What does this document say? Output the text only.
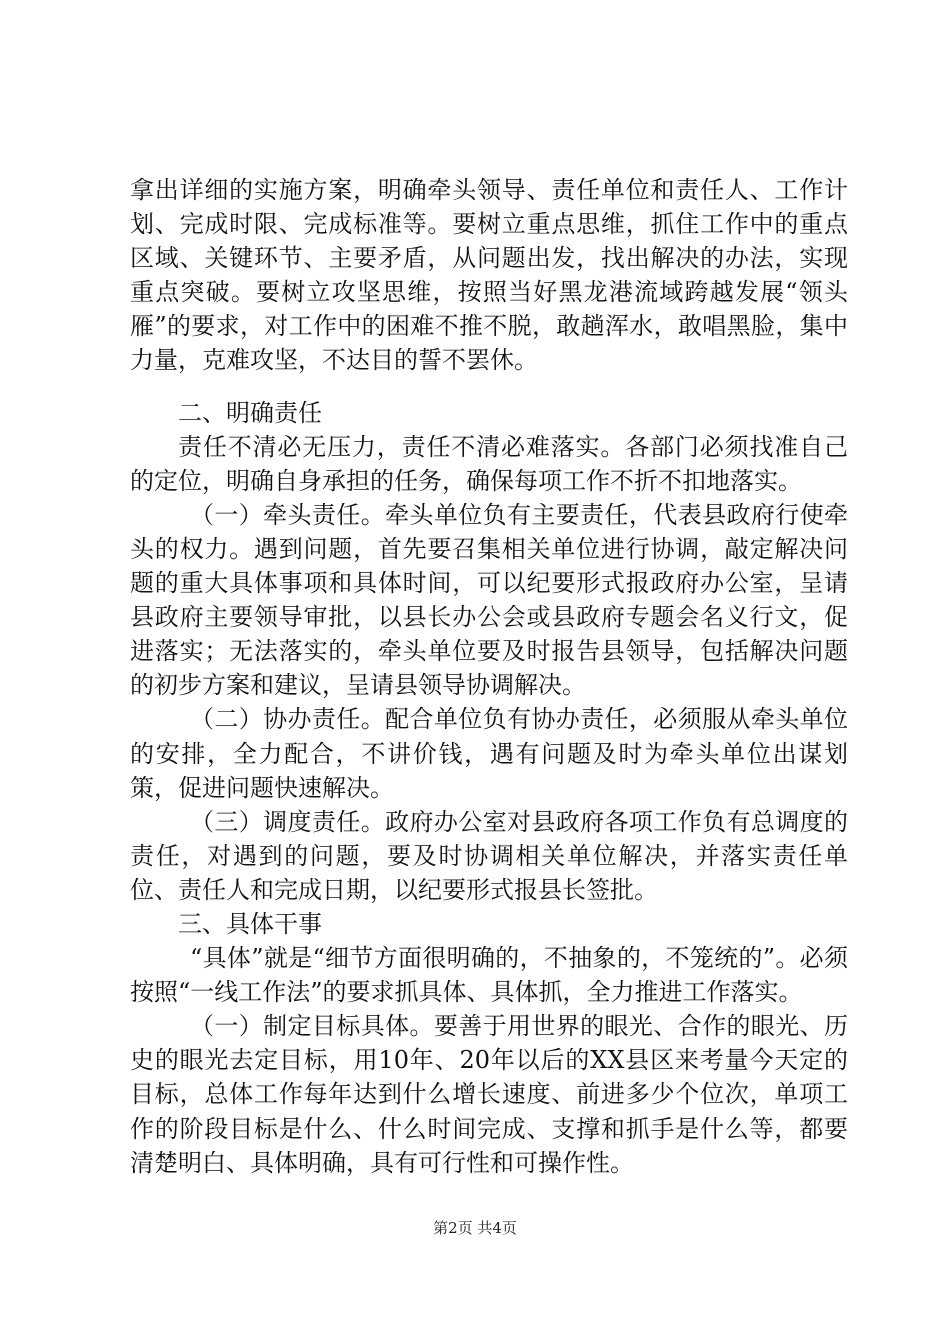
拿出详细的实施方案，明确牵头领导、责任单位和责任人、工作计划、完成时限、完成标准等。要树立重点思维，抓住工作中的重点区域、关键环节、主要矛盾，从问题出发，找出解决的办法，实现重点突破。要树立攻坚思维，按照当好黑龙港流域跨越发展“领头雁”的要求，对工作中的困难不推不脱，敢趟浑水，敢唱黑脸，集中力量，克难攻坚，不达目的誓不罢休。

二、明确责任

责任不清必无压力，责任不清必难落实。各部门必须找准自己的定位，明确自身承担的任务，确保每项工作不折不扣地落实。

（一）牵头责任。牵头单位负有主要责任，代表县政府行使牵头的权力。遇到问题，首先要召集相关单位进行协调，敲定解决问题的重大具体事项和具体时间，可以纪要形式报政府办公室，呈请县政府主要领导审批，以县长办公会或县政府专题会名义行文，促进落实；无法落实的，牵头单位要及时报告县领导，包括解决问题的初步方案和建议，呈请县领导协调解决。

（二）协办责任。配合单位负有协办责任，必须服从牵头单位的安排，全力配合，不讲价钱，遇有问题及时为牵头单位出谋划策，促进问题快速解决。

（三）调度责任。政府办公室对县政府各项工作负有总调度的责任，对遇到的问题，要及时协调相关单位解决，并落实责任单位、责任人和完成日期，以纪要形式报县长签批。

三、具体干事

“具体”就是“细节方面很明确的，不抽象的，不笼统的”。必须按照“一线工作法”的要求抓具体、具体抓，全力推进工作落实。

（一）制定目标具体。要善于用世界的眼光、合作的眼光、历史的眼光去定目标，用10年、20年以后的XX县区来考量今天定的目标，总体工作每年达到什么增长速度、前进多少个位次，单项工作的阶段目标是什么、什么时间完成、支撑和抓手是什么等，都要清楚明白、具体明确，具有可行性和可操作性。

第2页 共4页
